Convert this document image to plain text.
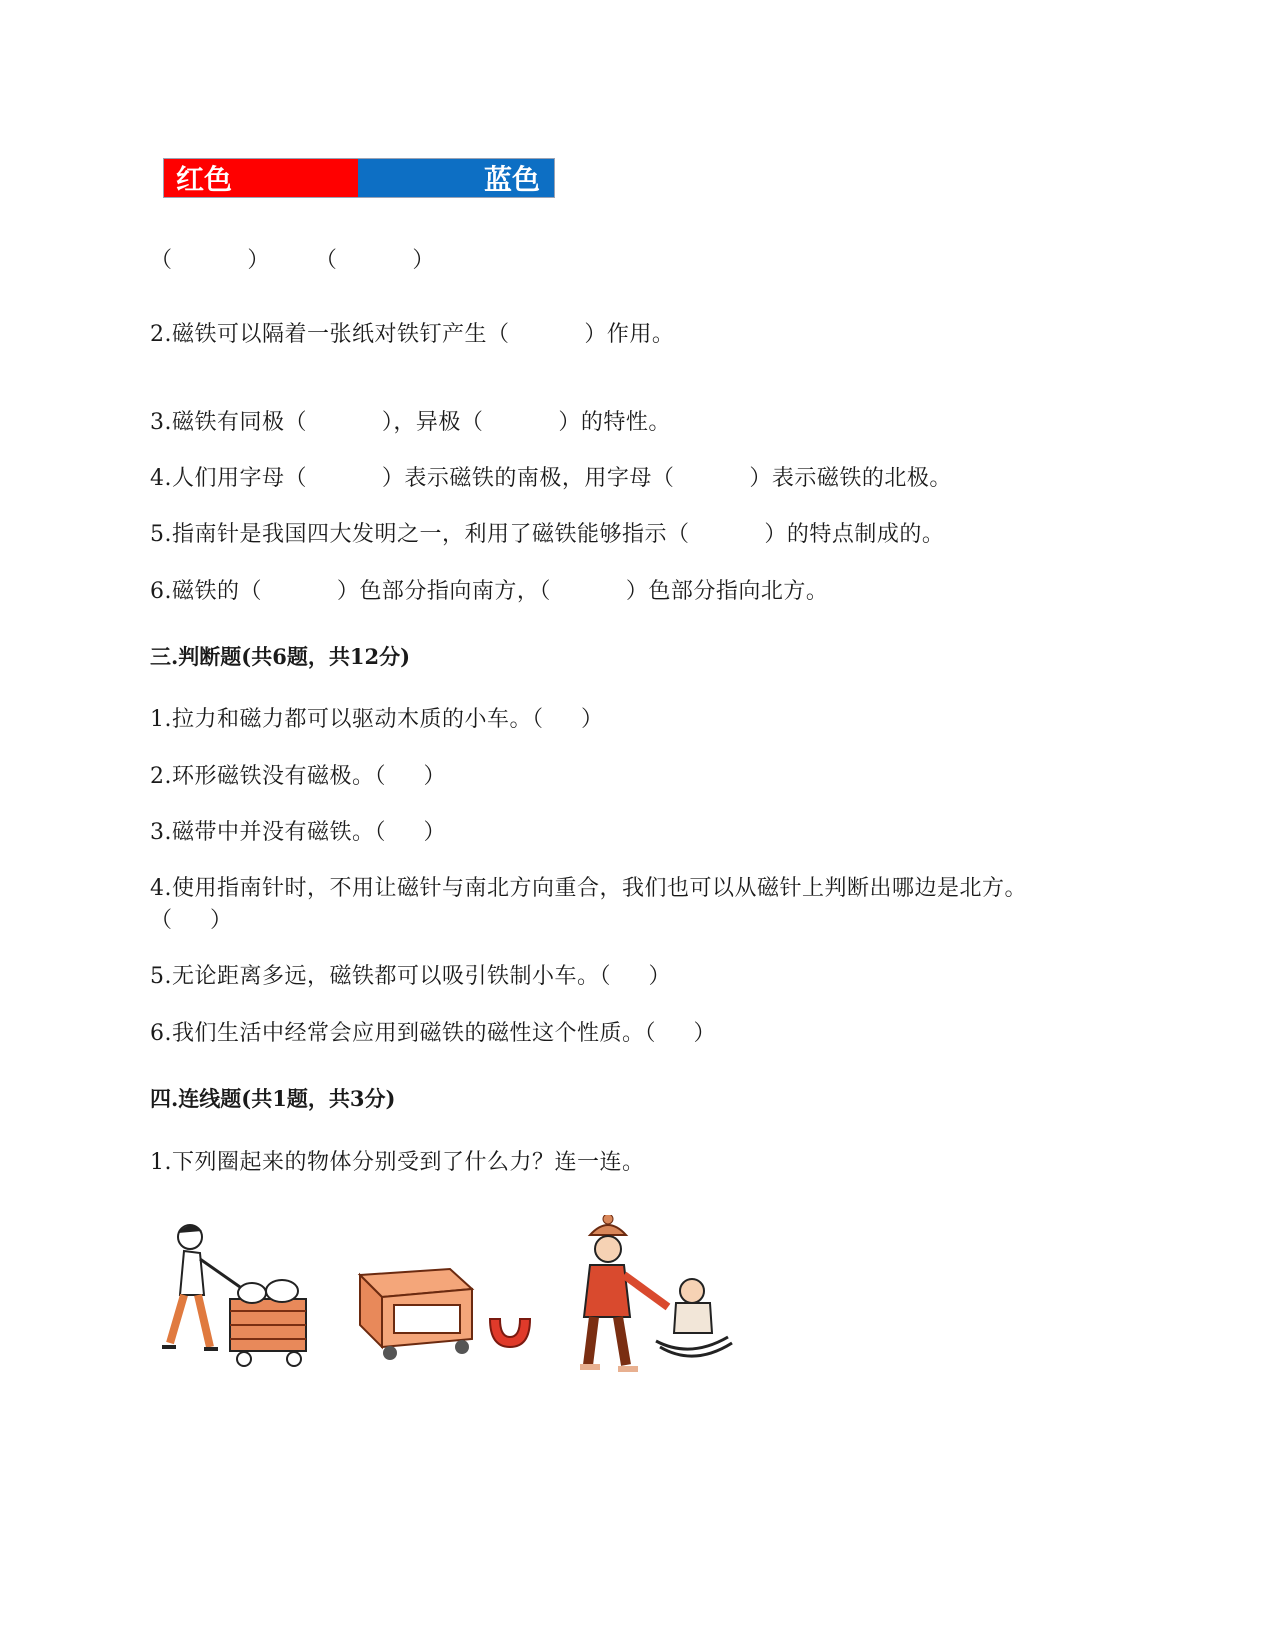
红色	蓝色
（          ）      （          ）
2.磁铁可以隔着一张纸对铁钉产生（          ）作用。
3.磁铁有同极（          ），异极（          ）的特性。
4.人们用字母（          ）表示磁铁的南极，用字母（          ）表示磁铁的北极。
5.指南针是我国四大发明之一，利用了磁铁能够指示（          ）的特点制成的。
6.磁铁的（          ）色部分指向南方，（          ）色部分指向北方。
三.判断题(共6题，共12分)
1.拉力和磁力都可以驱动木质的小车。（     ）
2.环形磁铁没有磁极。（     ）
3.磁带中并没有磁铁。（     ）
4.使用指南针时，不用让磁针与南北方向重合，我们也可以从磁针上判断出哪边是北方。
（     ）
5.无论距离多远，磁铁都可以吸引铁制小车。（     ）
6.我们生活中经常会应用到磁铁的磁性这个性质。（     ）
四.连线题(共1题，共3分)
1.下列圈起来的物体分别受到了什么力？连一连。
